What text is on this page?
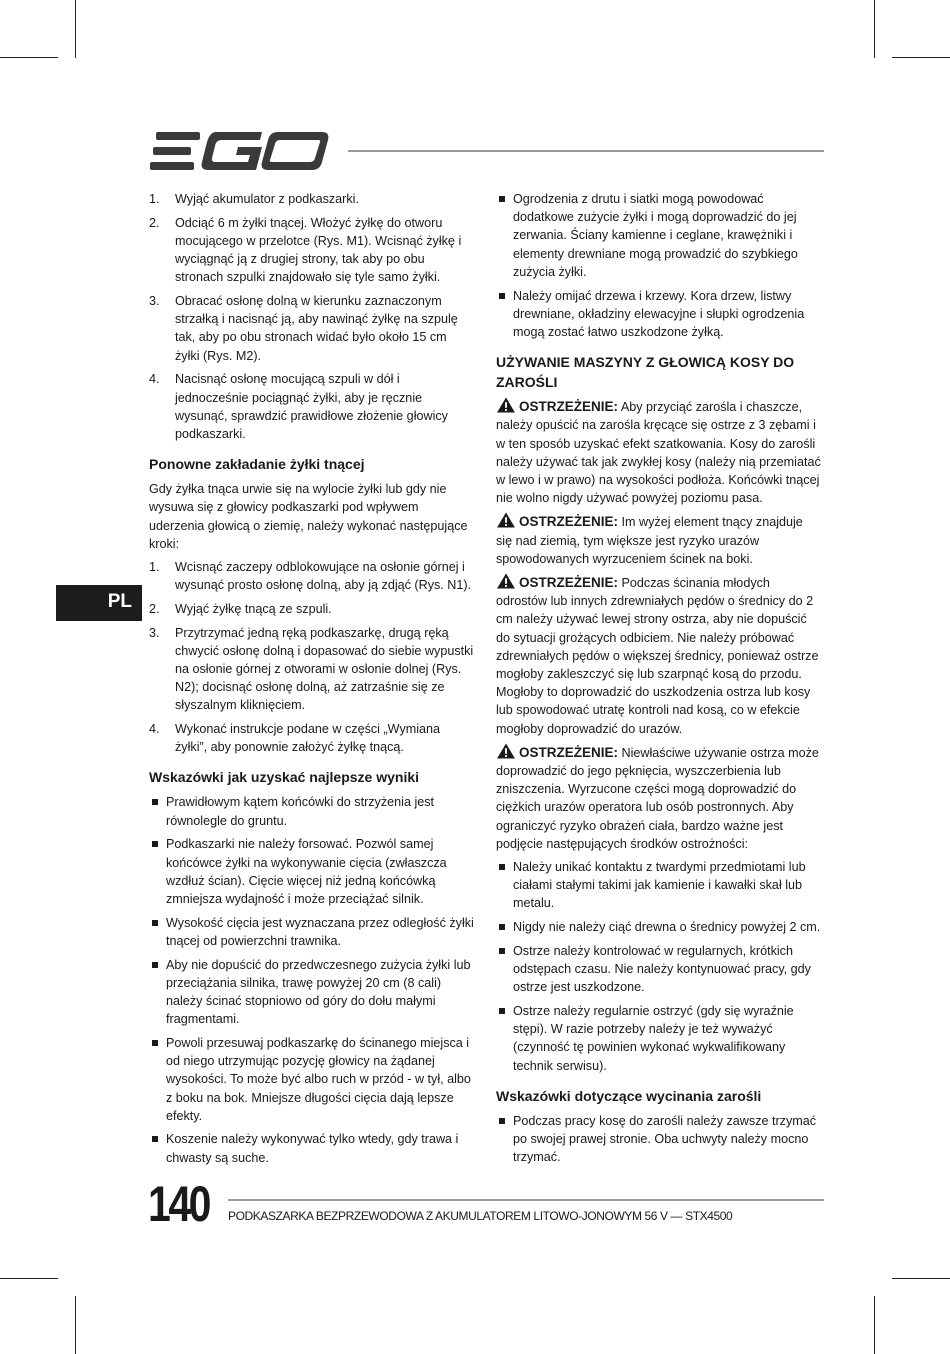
PL
1. Wyjąć akumulator z podkaszarki.
2. Odciąć 6 m żyłki tnącej. Włożyć żyłkę do otworu mocującego w przelotce (Rys. M1). Wcisnąć żyłkę i wyciągnąć ją z drugiej strony, tak aby po obu stronach szpulki znajdowało się tyle samo żyłki.
3. Obracać osłonę dolną w kierunku zaznaczonym strzałką i nacisnąć ją, aby nawinąć żyłkę na szpulę tak, aby po obu stronach widać było około 15 cm żyłki (Rys. M2).
4. Nacisnąć osłonę mocującą szpuli w dół i jednocześnie pociągnąć żyłki, aby je ręcznie wysunąć, sprawdzić prawidłowe złożenie głowicy podkaszarki.
Ponowne zakładanie żyłki tnącej

Gdy żyłka tnąca urwie się na wylocie żyłki lub gdy nie wysuwa się z głowicy podkaszarki pod wpływem uderzenia głowicą o ziemię, należy wykonać następujące kroki:

1. Wcisnąć zaczepy odblokowujące na osłonie górnej i wysunąć prosto osłonę dolną, aby ją zdjąć (Rys. N1).
2. Wyjąć żyłkę tnącą ze szpuli.
3. Przytrzymać jedną ręką podkaszarkę, drugą ręką chwycić osłonę dolną i dopasować do siebie wypustki na osłonie górnej z otworami w osłonie dolnej (Rys. N2); docisnąć osłonę dolną, aż zatrzaśnie się ze słyszalnym kliknięciem.
4. Wykonać instrukcje podane w części „Wymiana żyłki”, aby ponownie założyć żyłkę tnącą.
Wskazówki jak uzyskać najlepsze wyniki
Prawidłowym kątem końcówki do strzyżenia jest równolegle do gruntu.
Podkaszarki nie należy forsować. Pozwól samej końcówce żyłki na wykonywanie cięcia (zwłaszcza wzdłuż ścian). Cięcie więcej niż jedną końcówką zmniejsza wydajność i może przeciążać silnik.
Wysokość cięcia jest wyznaczana przez odległość żyłki tnącej od powierzchni trawnika.
Aby nie dopuścić do przedwczesnego zużycia żyłki lub przeciążania silnika, trawę powyżej 20 cm (8 cali) należy ścinać stopniowo od góry do dołu małymi fragmentami.
Powoli przesuwaj podkaszarkę do ścinanego miejsca i od niego utrzymując pozycję głowicy na żądanej wysokości. To może być albo ruch w przód - w tył, albo z boku na bok. Mniejsze długości cięcia dają lepsze efekty.
Koszenie należy wykonywać tylko wtedy, gdy trawa i chwasty są suche.
Ogrodzenia z drutu i siatki mogą powodować dodatkowe zużycie żyłki i mogą doprowadzić do jej zerwania. Ściany kamienne i ceglane, krawężniki i elementy drewniane mogą prowadzić do szybkiego zużycia żyłki.
Należy omijać drzewa i krzewy. Kora drzew, listwy drewniane, okładziny elewacyjne i słupki ogrodzenia mogą zostać łatwo uszkodzone żyłką.
UŻYWANIE MASZYNY Z GŁOWICĄ KOSY DO ZAROŚLI

OSTRZEŻENIE: Aby przyciąć zarośla i chaszcze, należy opuścić na zarośla kręcące się ostrze z 3 zębami i w ten sposób uzyskać efekt szatkowania. Kosy do zarośli należy używać tak jak zwykłej kosy (należy nią przemiatać w lewo i w prawo) na wysokości podłoża. Końcówki tnącej nie wolno nigdy używać powyżej poziomu pasa.

OSTRZEŻENIE: Im wyżej element tnący znajduje się nad ziemią, tym większe jest ryzyko urazów spowodowanych wyrzuceniem ścinek na boki.

OSTRZEŻENIE: Podczas ścinania młodych odrostów lub innych zdrewniałych pędów o średnicy do 2 cm należy używać lewej strony ostrza, aby nie dopuścić do sytuacji grożących odbiciem. Nie należy próbować zdrewniałych pędów o większej średnicy, ponieważ ostrze mogłoby zakleszczyć się lub szarpnąć kosą do przodu. Mogłoby to doprowadzić do uszkodzenia ostrza lub kosy lub spowodować utratę kontroli nad kosą, co w efekcie mogłoby doprowadzić do urazów.

OSTRZEŻENIE: Niewłaściwe używanie ostrza może doprowadzić do jego pęknięcia, wyszczerbienia lub zniszczenia. Wyrzucone części mogą doprowadzić do ciężkich urazów operatora lub osób postronnych. Aby ograniczyć ryzyko obrażeń ciała, bardzo ważne jest podjęcie następujących środków ostrożności:

Należy unikać kontaktu z twardymi przedmiotami lub ciałami stałymi takimi jak kamienie i kawałki skał lub metalu.
Nigdy nie należy ciąć drewna o średnicy powyżej 2 cm.
Ostrze należy kontrolować w regularnych, krótkich odstępach czasu. Nie należy kontynuować pracy, gdy ostrze jest uszkodzone.
Ostrze należy regularnie ostrzyć (gdy się wyraźnie stępi). W razie potrzeby należy je też wyważyć (czynność tę powinien wykonać wykwalifikowany technik serwisu).
Wskazówki dotyczące wycinania zarośli
Podczas pracy kosę do zarośli należy zawsze trzymać po swojej prawej stronie. Oba uchwyty należy mocno trzymać.
140 PODKASZARKA BEZPRZEWODOWA Z AKUMULATOREM LITOWO-JONOWYM 56 V — STX4500
